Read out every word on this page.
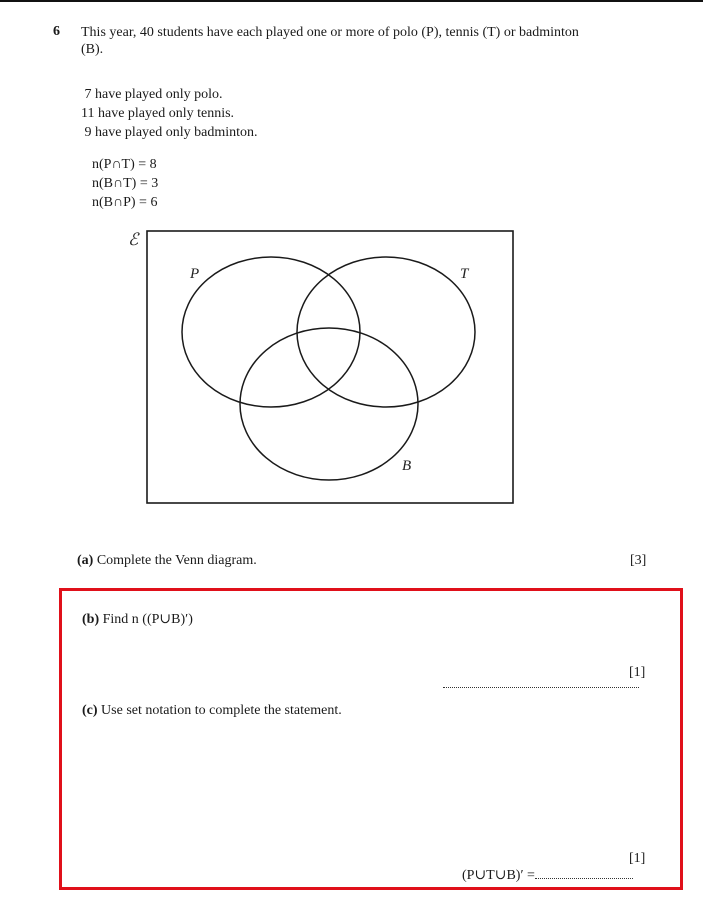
6 This year, 40 students have each played one or more of polo (P), tennis (T) or badminton (B).
7 have played only polo.
11 have played only tennis.
9 have played only badminton.
n(P∩T) = 8
n(B∩T) = 3
n(B∩P) = 6
ℰ
P	T
B
(a) Complete the Venn diagram.	[3]
(b) Find n ((P∪B)′)

[1]
(c) Use set notation to complete the statement.

(P∪T∪B)′ =

[1]
